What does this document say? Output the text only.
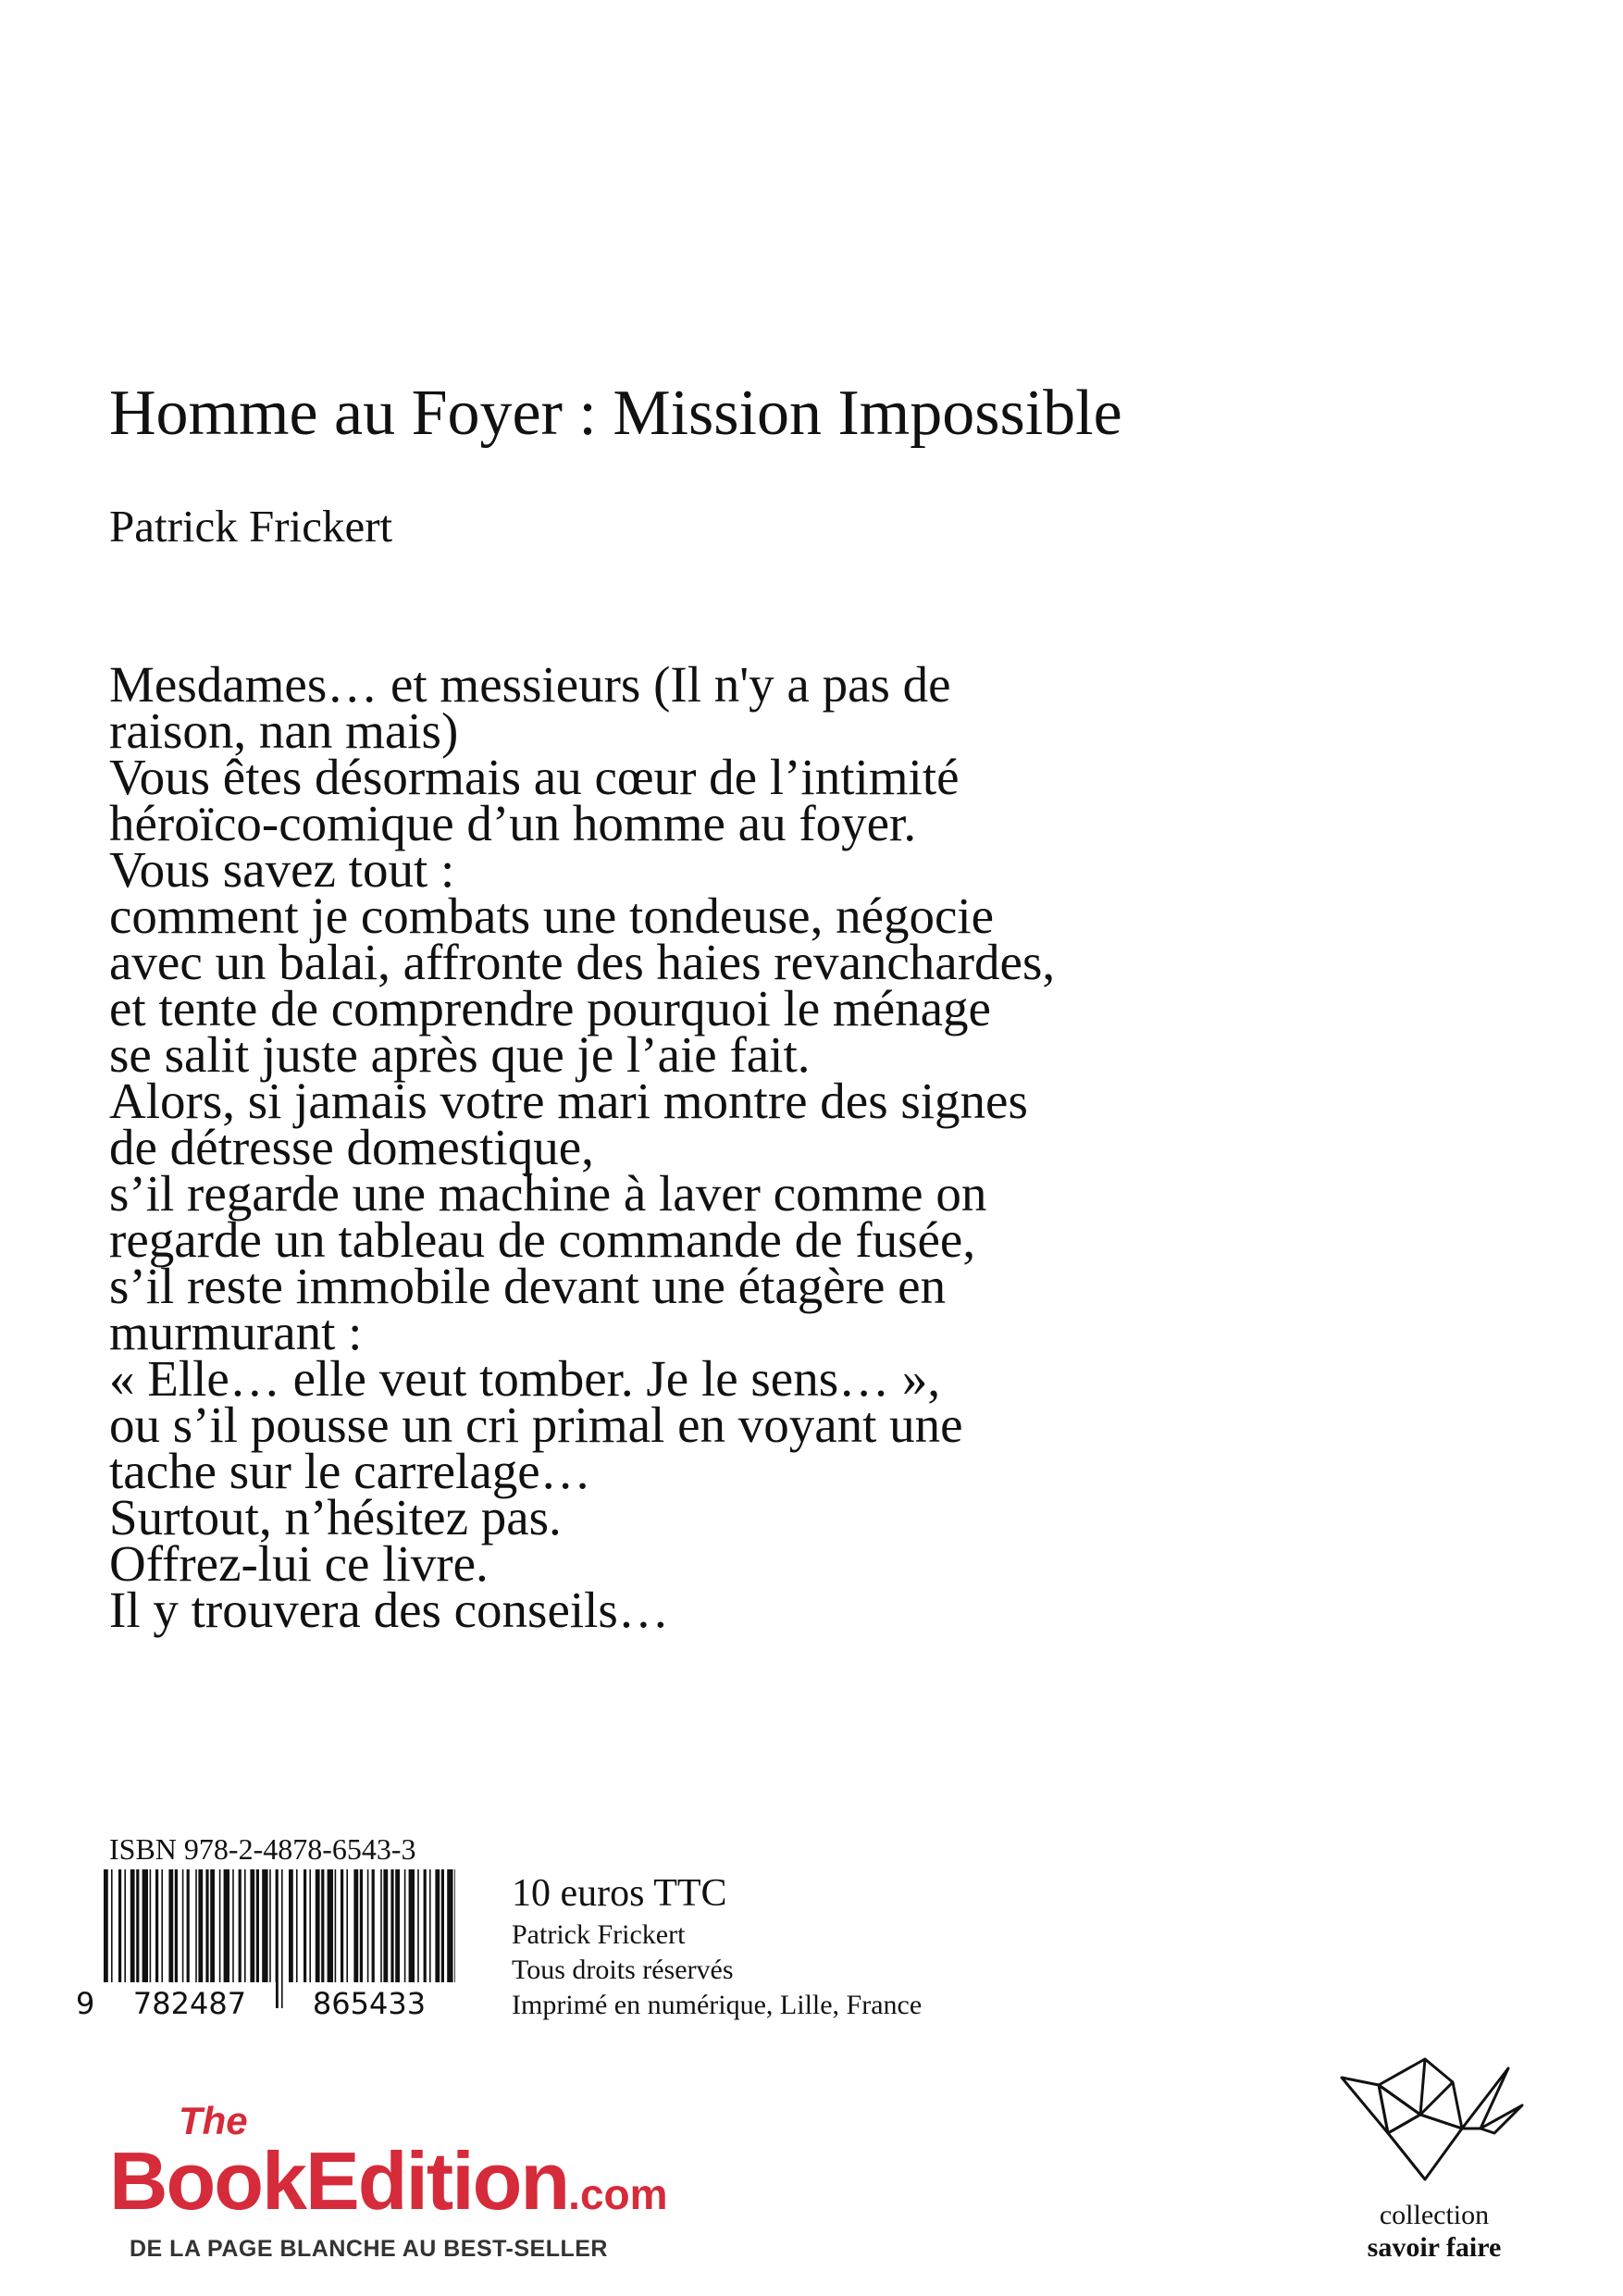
Homme au Foyer : Mission Impossible
Patrick Frickert
Mesdames… et messieurs (Il n'y a pas de
raison, nan mais)
Vous êtes désormais au cœur de l’intimité
héroïco-comique d’un homme au foyer.
Vous savez tout :
comment je combats une tondeuse, négocie
avec un balai, affronte des haies revanchardes,
et tente de comprendre pourquoi le ménage
se salit juste après que je l’aie fait.
Alors, si jamais votre mari montre des signes
de détresse domestique,
s’il regarde une machine à laver comme on
regarde un tableau de commande de fusée,
s’il reste immobile devant une étagère en
murmurant :
« Elle… elle veut tomber. Je le sens… »,
ou s’il pousse un cri primal en voyant une
tache sur le carrelage…
Surtout, n’hésitez pas.
Offrez-lui ce livre.
Il y trouvera des conseils…
ISBN 978-2-4878-6543-3
9 782487 865433
10 euros TTC
Patrick Frickert
Tous droits réservés
Imprimé en numérique, Lille, France
The
BookEdition.com
DE LA PAGE BLANCHE AU BEST-SELLER
collection
savoir faire
